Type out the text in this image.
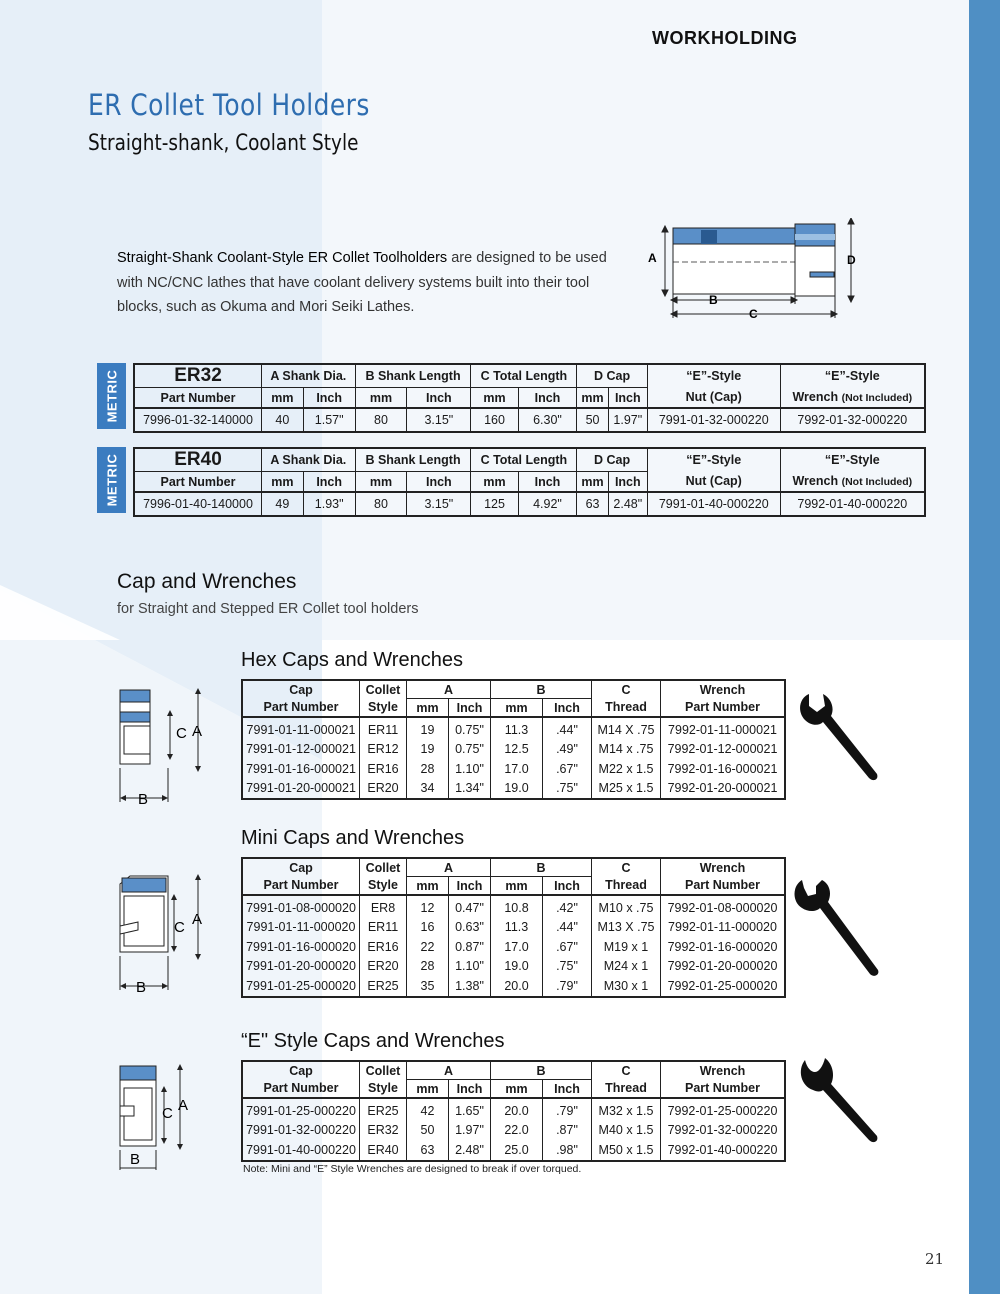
WORKHOLDING
ER Collet Tool Holders
Straight-shank, Coolant Style
Straight-Shank Coolant-Style ER Collet Toolholders are designed to be used with NC/CNC lathes that have coolant delivery systems built into their tool blocks, such as Okuma and Mori Seiki Lathes.
A	D
B
C
METRIC	ER32	A Shank Dia.		B Shank Length		C Total Length		D Cap		“E”-Style	“E”-Style
Part Number	mm	Inch	mm	Inch	mm	Inch	mm	Inch	Nut (Cap)	Wrench (Not Included)
7996-01-32-140000	40	1.57"	80	3.15"	160	6.30"	50	1.97"	7991-01-32-000220	7992-01-32-000220
METRIC	ER40	A Shank Dia.		B Shank Length		C Total Length		D Cap		“E”-Style	“E”-Style
Part Number	mm	Inch	mm	Inch	mm	Inch	mm	Inch	Nut (Cap)	Wrench (Not Included)
7996-01-40-140000	49	1.93"	80	3.15"	125	4.92"	63	2.48"	7991-01-40-000220	7992-01-40-000220
Cap and Wrenches
for Straight and Stepped ER Collet tool holders
Hex Caps and Wrenches
Cap	Collet	A		B		C	Wrench
Part Number	Style	mm	Inch	mm	Inch	Thread	Part Number
7991-01-11-000021	ER11	19	0.75"	11.3	.44"	M14 X .75	7992-01-11-000021
7991-01-12-000021	ER12	19	0.75"	12.5	.49"	M14 x .75	7992-01-12-000021
7991-01-16-000021	ER16	28	1.10"	17.0	.67"	M22 x 1.5	7992-01-16-000021
7991-01-20-000021	ER20	34	1.34"	19.0	.75"	M25 x 1.5	7992-01-20-000021
Mini Caps and Wrenches
Cap	Collet	A		B		C	Wrench
Part Number	Style	mm	Inch	mm	Inch	Thread	Part Number
7991-01-08-000020	ER8	12	0.47"	10.8	.42"	M10 x .75	7992-01-08-000020
7991-01-11-000020	ER11	16	0.63"	11.3	.44"	M13 X .75	7992-01-11-000020
7991-01-16-000020	ER16	22	0.87"	17.0	.67"	M19 x 1	7992-01-16-000020
7991-01-20-000020	ER20	28	1.10"	19.0	.75"	M24 x 1	7992-01-20-000020
7991-01-25-000020	ER25	35	1.38"	20.0	.79"	M30 x 1	7992-01-25-000020
“E" Style Caps and Wrenches
Cap	Collet	A		B		C	Wrench
Part Number	Style	mm	Inch	mm	Inch	Thread	Part Number
7991-01-25-000220	ER25	42	1.65"	20.0	.79"	M32 x 1.5	7992-01-25-000220
7991-01-32-000220	ER32	50	1.97"	22.0	.87"	M40 x 1.5	7992-01-32-000220
7991-01-40-000220	ER40	63	2.48"	25.0	.98"	M50 x 1.5	7992-01-40-000220
Note: Mini and “E” Style Wrenches are designed to break if over torqued.
21
C A
B
C A
B
C A
B
